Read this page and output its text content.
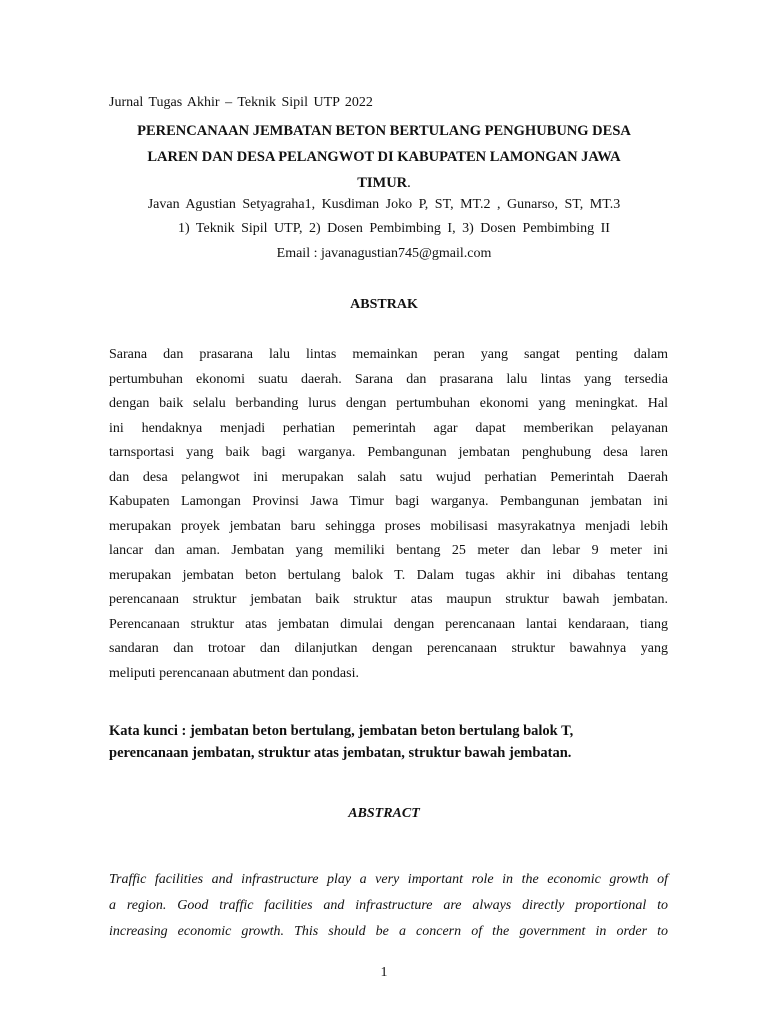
Jurnal Tugas Akhir – Teknik Sipil UTP 2022
PERENCANAAN JEMBATAN BETON BERTULANG PENGHUBUNG DESA
LAREN DAN DESA PELANGWOT DI KABUPATEN LAMONGAN JAWA
TIMUR.
Javan Agustian Setyagraha1, Kusdiman Joko P, ST, MT.2 , Gunarso, ST, MT.3
1) Teknik Sipil UTP, 2) Dosen Pembimbing I, 3) Dosen Pembimbing II
Email : javanagustian745@gmail.com
ABSTRAK
Sarana dan prasarana lalu lintas memainkan peran yang sangat penting dalam
pertumbuhan ekonomi suatu daerah. Sarana dan prasarana lalu lintas yang tersedia
dengan baik selalu berbanding lurus dengan pertumbuhan ekonomi yang meningkat. Hal
ini hendaknya menjadi perhatian pemerintah agar dapat memberikan pelayanan
tarnsportasi yang baik bagi warganya. Pembangunan jembatan penghubung desa laren
dan desa pelangwot ini merupakan salah satu wujud perhatian Pemerintah Daerah
Kabupaten Lamongan Provinsi Jawa Timur bagi warganya. Pembangunan jembatan ini
merupakan proyek jembatan baru sehingga proses mobilisasi masyrakatnya menjadi lebih
lancar dan aman. Jembatan yang memiliki bentang 25 meter dan lebar 9 meter ini
merupakan jembatan beton bertulang balok T. Dalam tugas akhir ini dibahas tentang
perencanaan struktur jembatan baik struktur atas maupun struktur bawah jembatan.
Perencanaan struktur atas jembatan dimulai dengan perencanaan lantai kendaraan, tiang
sandaran dan trotoar dan dilanjutkan dengan perencanaan struktur bawahnya yang
meliputi perencanaan abutment dan pondasi.
Kata kunci : jembatan beton bertulang, jembatan beton bertulang balok T,
perencanaan jembatan, struktur atas jembatan, struktur bawah jembatan.
ABSTRACT
Traffic facilities and infrastructure play a very important role in the economic growth of
a region. Good traffic facilities and infrastructure are always directly proportional to
increasing economic growth. This should be a concern of the government in order to
1
